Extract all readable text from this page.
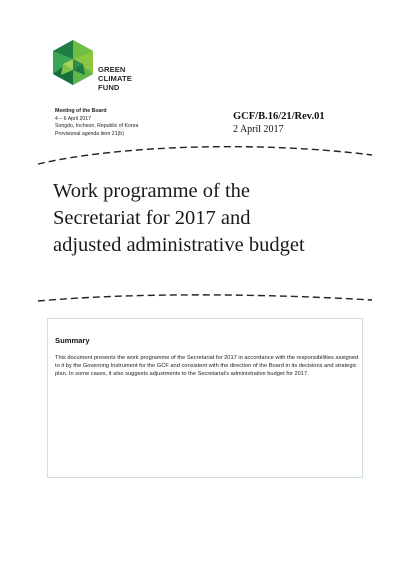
GREEN
CLIMATE
FUND
Meeting of the Board
4 – 6 April 2017
Songdo, Incheon, Republic of Korea
Provisional agenda item 21(b)
GCF/B.16/21/Rev.01
2 April 2017
Work programme of the
Secretariat for 2017 and
adjusted administrative budget
Summary
This document presents the work programme of the Secretariat for 2017 in accordance with the responsibilities assigned to it by the Governing Instrument for the GCF and consistent with the direction of the Board in its decisions and strategic plan. In some cases, it also suggests adjustments to the Secretariat's administrative budget for 2017.
